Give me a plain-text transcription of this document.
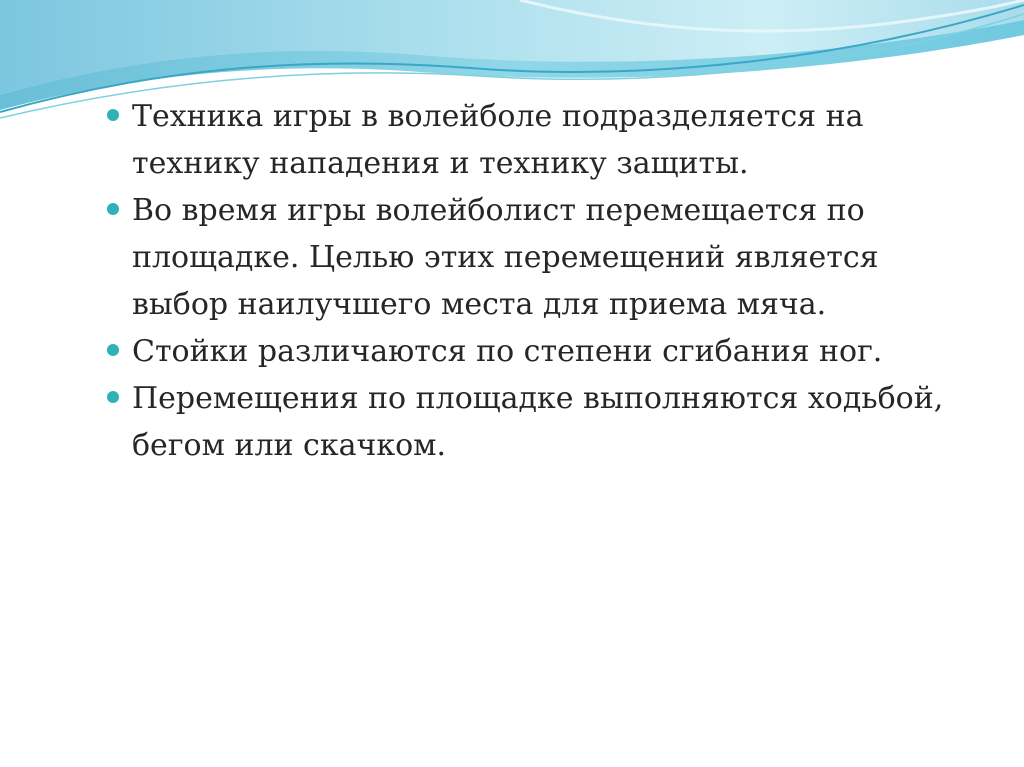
Техника игры в волейболе подразделяется на технику нападения и технику защиты.
Во время игры волейболист перемещается по площадке. Целью этих перемещений является выбор наилучшего места для приема мяча.
Стойки различаются по степени сгибания ног.
Перемещения по площадке выполняются ходьбой, бегом или скачком.
